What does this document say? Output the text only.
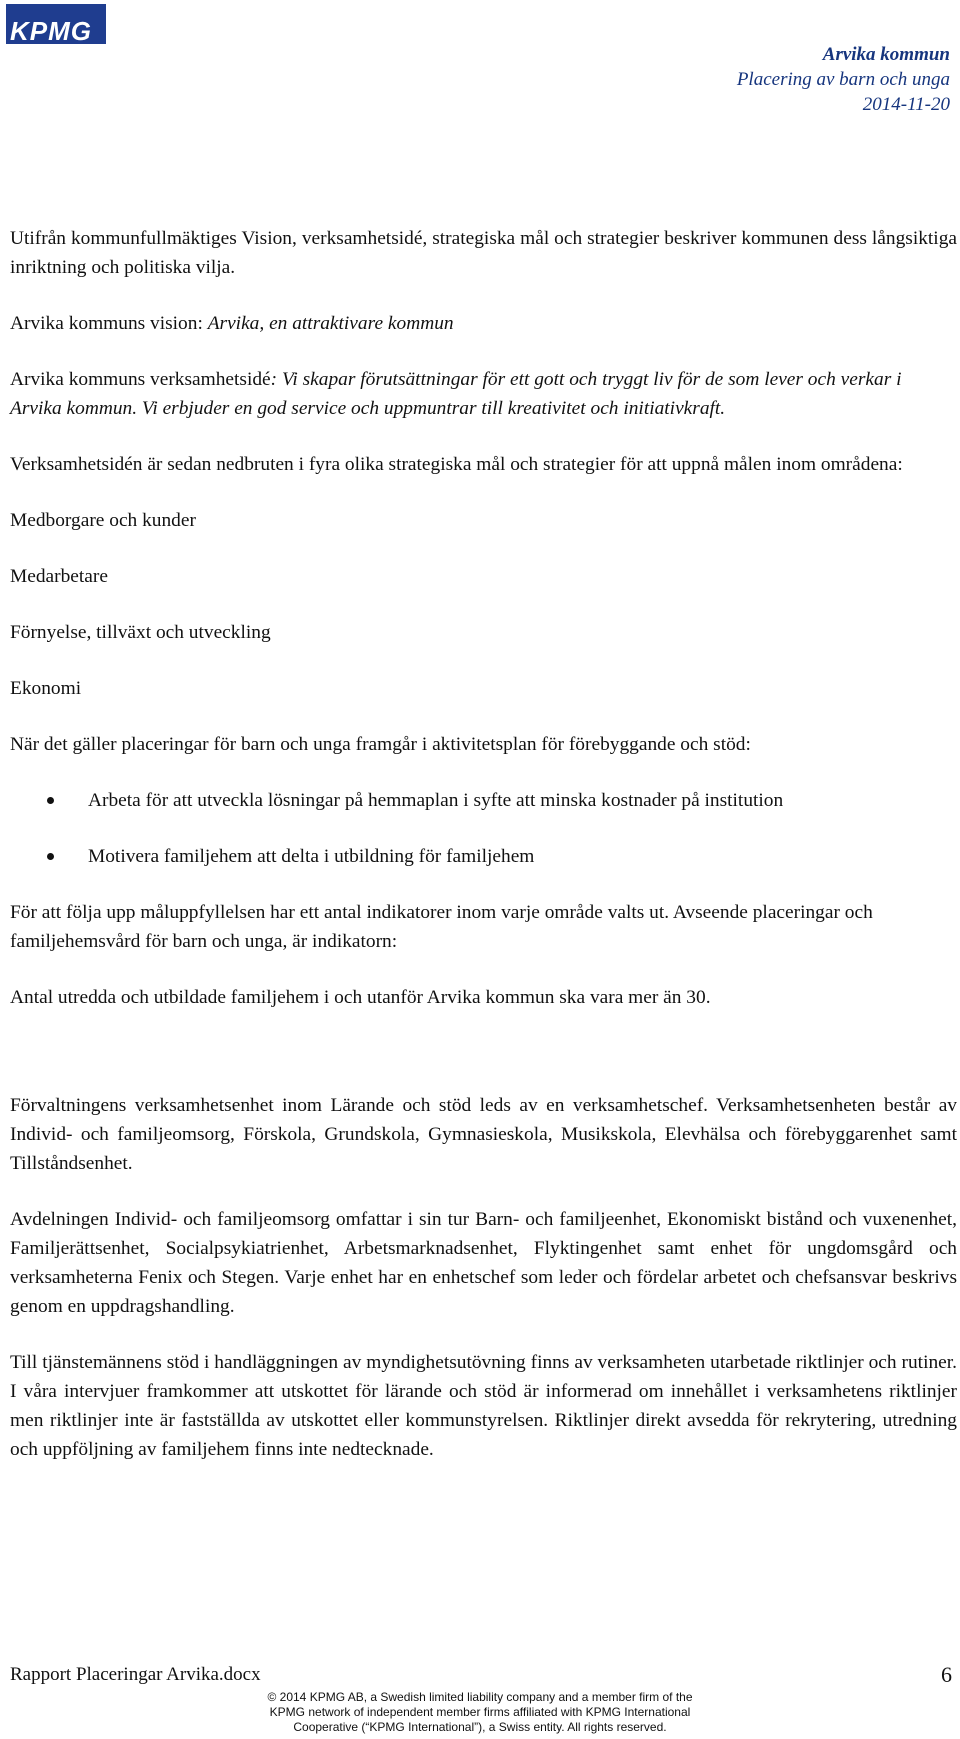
KPMG
Arvika kommun
Placering av barn och unga
2014-11-20

Utifrån kommunfullmäktiges Vision, verksamhetsidé, strategiska mål och strategier beskriver kommunen dess långsiktiga inriktning och politiska vilja.

Arvika kommuns vision: Arvika, en attraktivare kommun

Arvika kommuns verksamhetsidé: Vi skapar förutsättningar för ett gott och tryggt liv för de som lever och verkar i Arvika kommun. Vi erbjuder en god service och uppmuntrar till kreativitet och initiativkraft.

Verksamhetsidén är sedan nedbruten i fyra olika strategiska mål och strategier för att uppnå målen inom områdena:

Medborgare och kunder

Medarbetare

Förnyelse, tillväxt och utveckling

Ekonomi

När det gäller placeringar för barn och unga framgår i aktivitetsplan för förebyggande och stöd:

Arbeta för att utveckla lösningar på hemmaplan i syfte att minska kostnader på institution
Motivera familjehem att delta i utbildning för familjehem

För att följa upp måluppfyllelsen har ett antal indikatorer inom varje område valts ut. Avseende placeringar och familjehemsvård för barn och unga, är indikatorn:

Antal utredda och utbildade familjehem i och utanför Arvika kommun ska vara mer än 30.

Förvaltningens verksamhetsenhet inom Lärande och stöd leds av en verksamhetschef. Verksamhetsenheten består av Individ- och familjeomsorg, Förskola, Grundskola, Gymnasieskola, Musikskola, Elevhälsa och förebyggarenhet samt Tillståndsenhet.

Avdelningen Individ- och familjeomsorg omfattar i sin tur Barn- och familjeenhet, Ekonomiskt bistånd och vuxenenhet, Familjerättsenhet, Socialpsykiatrienhet, Arbetsmarknadsenhet, Flyktingenhet samt enhet för ungdomsgård och verksamheterna Fenix och Stegen. Varje enhet har en enhetschef som leder och fördelar arbetet och chefsansvar beskrivs genom en uppdragshandling.

Till tjänstemännens stöd i handläggningen av myndighetsutövning finns av verksamheten utarbetade riktlinjer och rutiner. I våra intervjuer framkommer att utskottet för lärande och stöd är informerad om innehållet i verksamhetens riktlinjer men riktlinjer inte är fastställda av utskottet eller kommunstyrelsen. Riktlinjer direkt avsedda för rekrytering, utredning och uppföljning av familjehem finns inte nedtecknade.

Rapport Placeringar Arvika.docx	6
© 2014 KPMG AB, a Swedish limited liability company and a member firm of the
KPMG network of independent member firms affiliated with KPMG International
Cooperative (“KPMG International”), a Swiss entity. All rights reserved.
